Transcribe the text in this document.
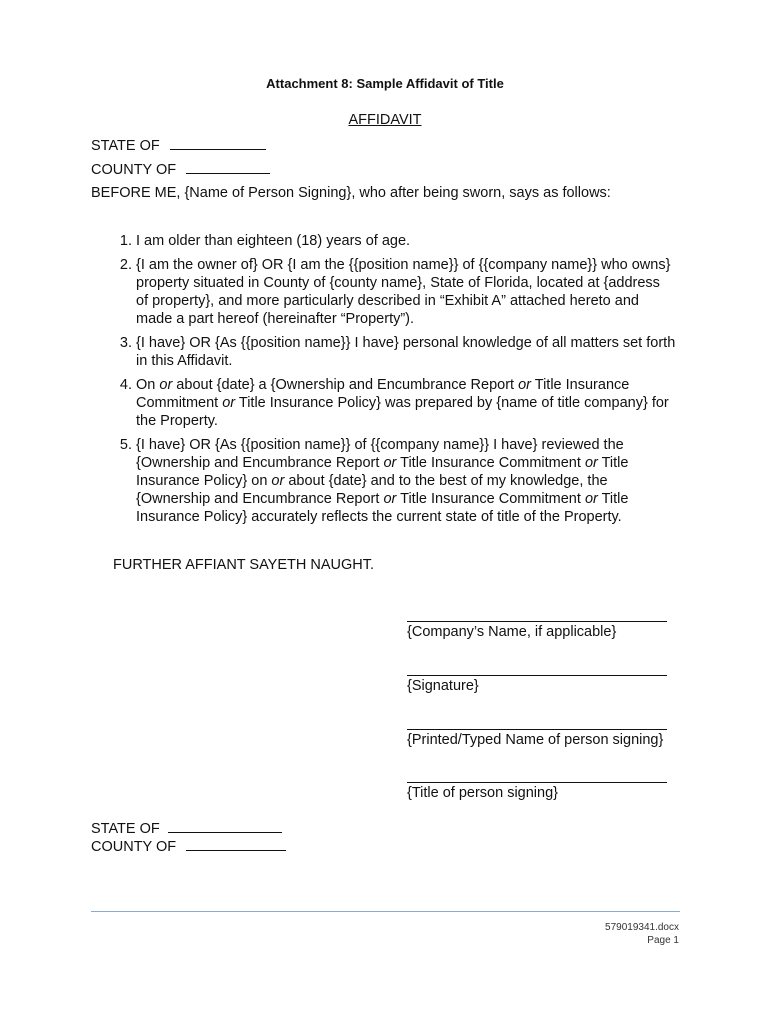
Attachment 8: Sample Affidavit of Title
AFFIDAVIT
STATE OF
COUNTY OF
BEFORE ME, {Name of Person Signing}, who after being sworn, says as follows:
1. I am older than eighteen (18) years of age.
2. {I am the owner of} OR {I am the {{position name}} of {{company name}} who owns} property situated in County of {county name}, State of Florida, located at {address of property}, and more particularly described in “Exhibit A” attached hereto and made a part hereof (hereinafter “Property”).
3. {I have} OR {As {{position name}} I have} personal knowledge of all matters set forth in this Affidavit.
4. On or about {date} a {Ownership and Encumbrance Report or Title Insurance Commitment or Title Insurance Policy} was prepared by {name of title company} for the Property.
5. {I have} OR {As {{position name}} of {{company name}} I have} reviewed the {Ownership and Encumbrance Report or Title Insurance Commitment or Title Insurance Policy} on or about {date} and to the best of my knowledge, the {Ownership and Encumbrance Report or Title Insurance Commitment or Title Insurance Policy} accurately reflects the current state of title of the Property.
FURTHER AFFIANT SAYETH NAUGHT.
{Company’s Name, if applicable}
{Signature}
{Printed/Typed Name of person signing}
{Title of person signing}
STATE OF
COUNTY OF
579019341.docx
Page 1
